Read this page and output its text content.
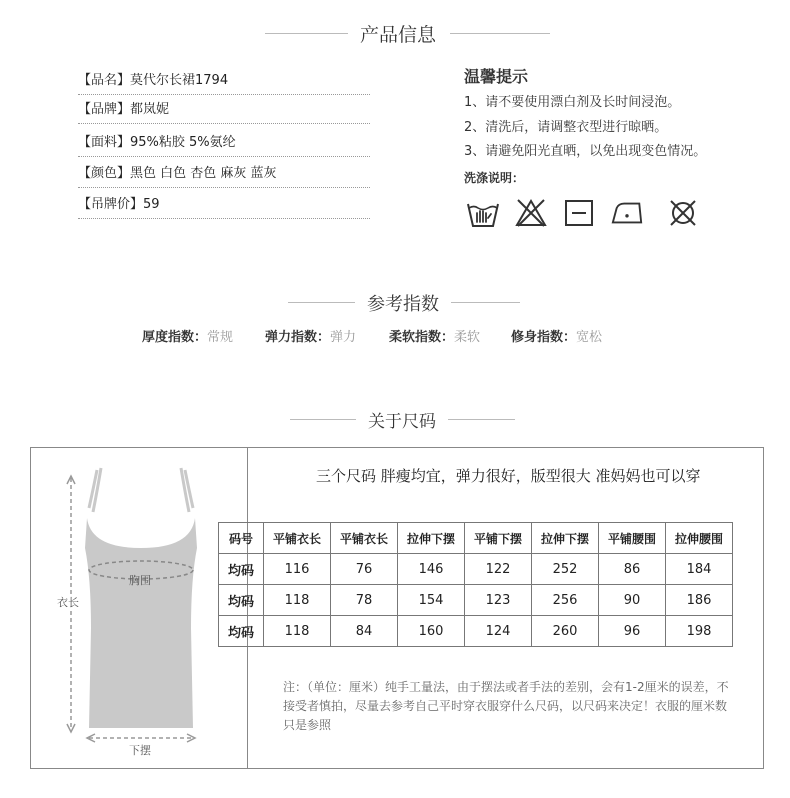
产品信息
【品名】莫代尔长裙1794
【品牌】都岚妮
【面料】95%粘胶 5%氨纶
【颜色】黑色 白色 杏色 麻灰 蓝灰
【吊牌价】59
温馨提示
1、请不要使用漂白剂及长时间浸泡。
2、清洗后，请调整衣型进行晾晒。
3、请避免阳光直晒，以免出现变色情况。
洗涤说明：
参考指数
厚度指数：常规 弹力指数：弹力	柔软指数：柔软 修身指数：宽松
关于尺码
胸围
衣长
下摆
三个尺码 胖瘦均宜，弹力很好，版型很大 准妈妈也可以穿
码号	平铺衣长	平铺衣长	拉伸下摆	平铺下摆	拉伸下摆	平铺腰围	拉伸腰围
均码	116	76	146	122	252	86	184
均码	118	78	154	123	256	90	186
均码	118	84	160	124	260	96	198
注：（单位：厘米）纯手工量法，由于摆法或者手法的差别，会有1-2厘米的误差，不接受者慎拍，尽量去参考自己平时穿衣服穿什么尺码，以尺码来决定！衣服的厘米数只是参照
